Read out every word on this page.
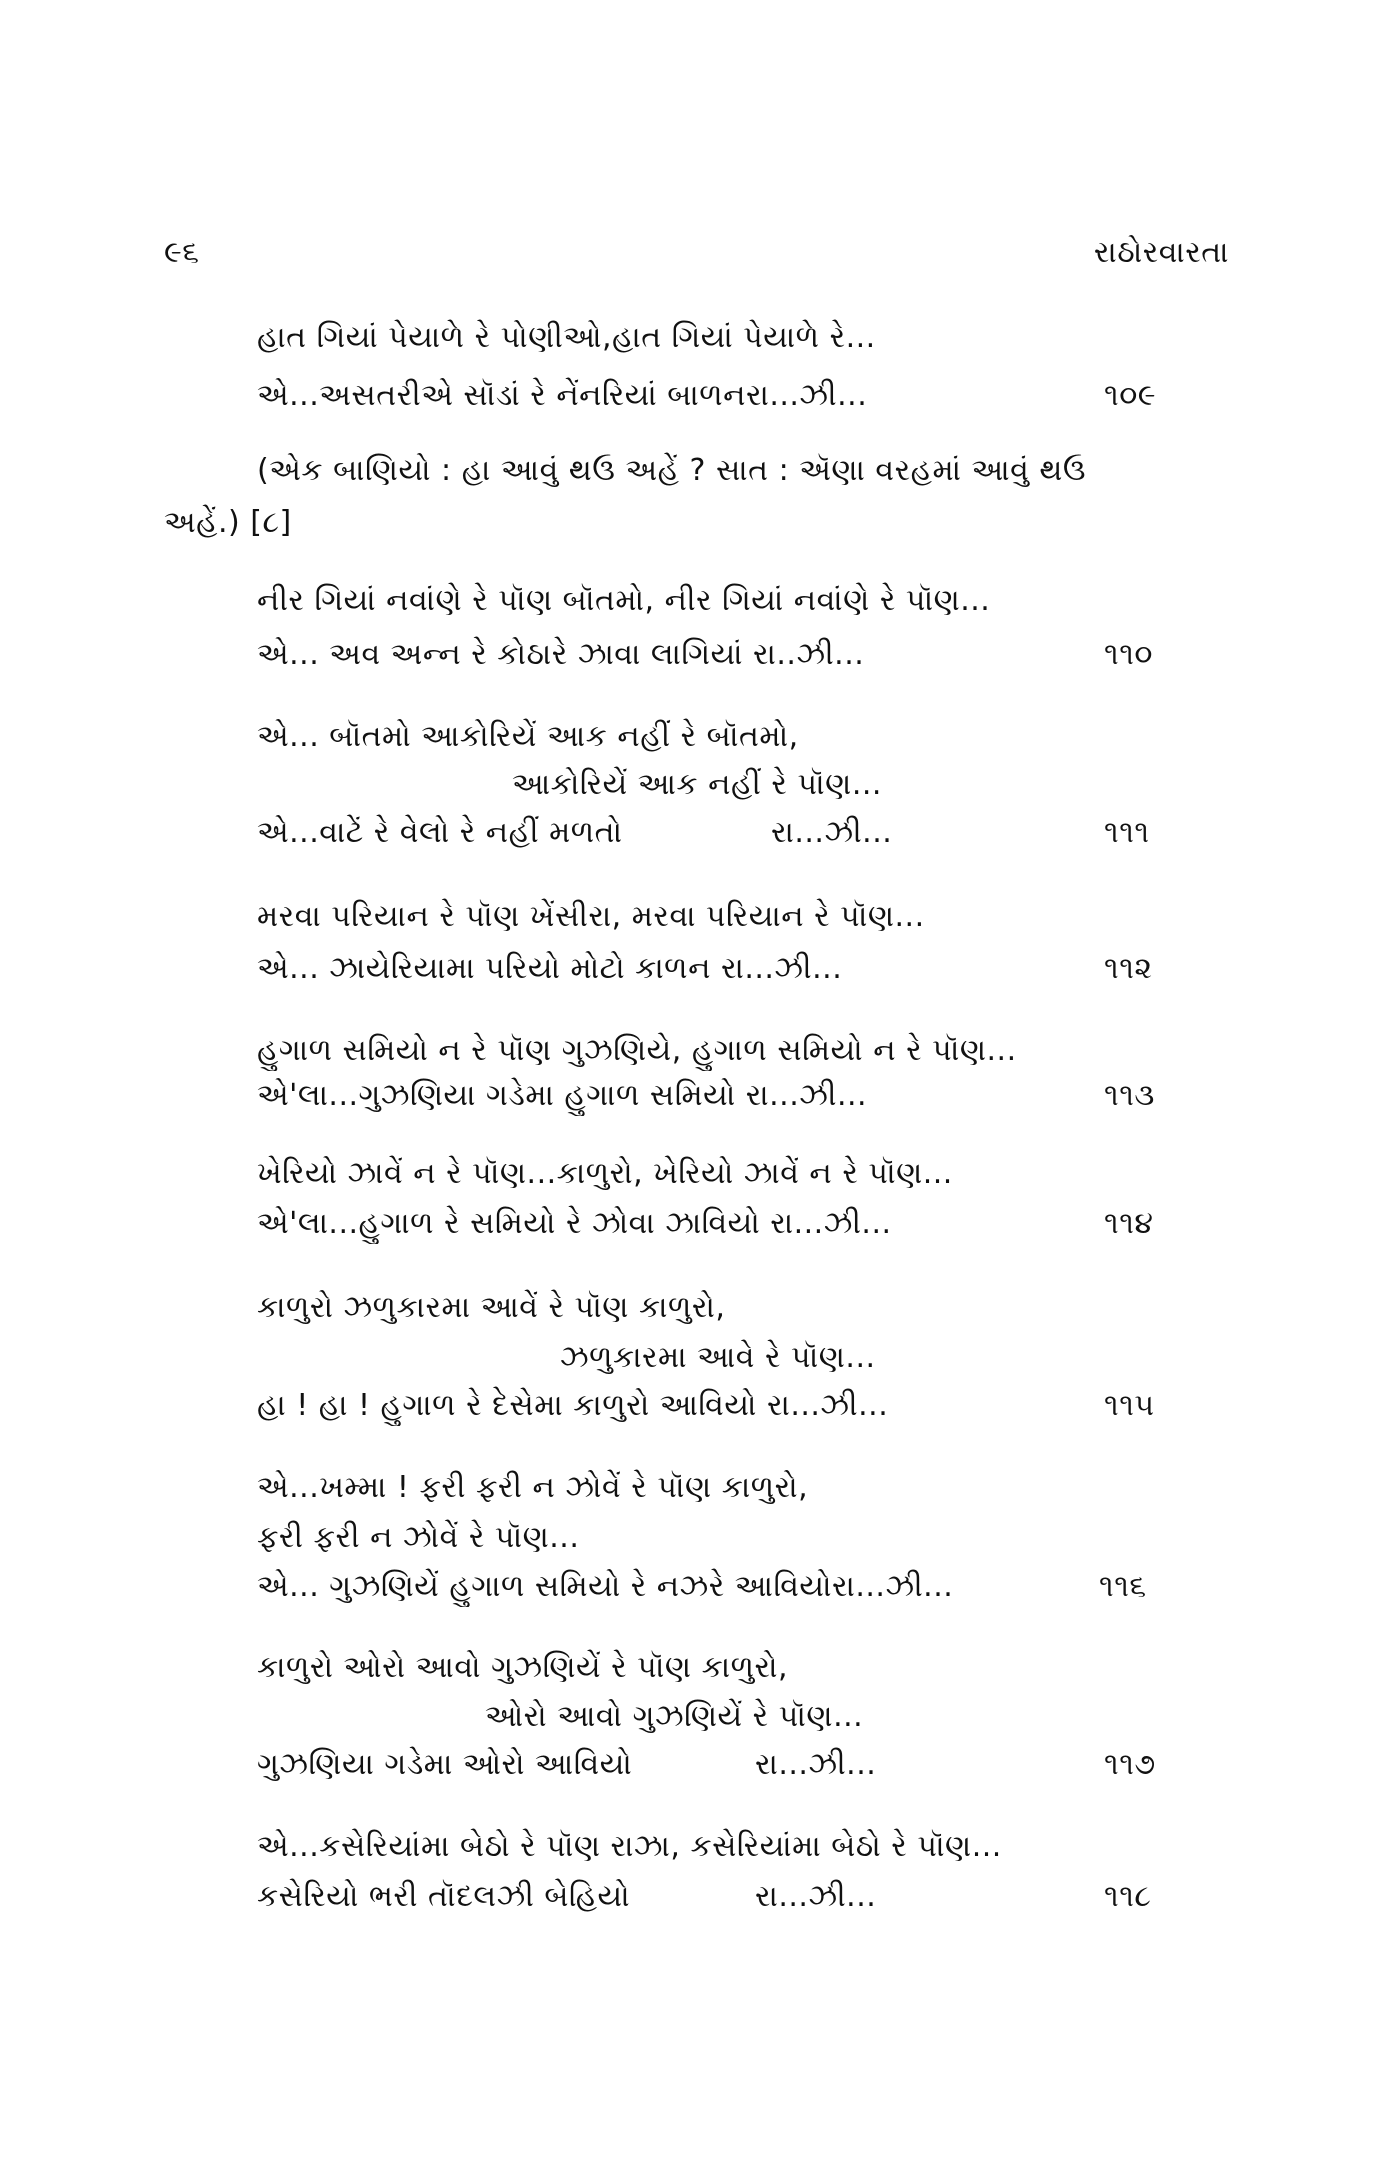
૯૬	રાઠોરવારતા
હાત ગિયાં પેયાળે રે પોણીઓ,હાત ગિયાં પેયાળે રે...
એ...અસતરીએ સૉડાં રે નેંનરિયાં બાળનરા...ઝી...	૧૦૯
(એક બાણિયો : હા આવું થઉં અહેં ? સાત : ઍણા વરહમાં આવું થઉં
અહેં.) [૮]
નીર ગિયાં નવાંણે રે પૉણ બૉતમો, નીર ગિયાં નવાંણે રે પૉણ...
એ... અવ અન્ન રે કોઠારે ઝાવા લાગિયાં રા..ઝી...	૧૧૦
એ... બૉતમો આકોરિયેં આક નહીં રે બૉતમો,
આકોરિયેં આક નહીં રે પૉણ...
એ...વાટેં રે વેલો રે નહીં મળતો	રા...ઝી...	૧૧૧
મરવા પરિયાન રે પૉણ ખેંસીરા, મરવા પરિયાન રે પૉણ...
એ... ઝાયેરિયામા પરિયો મોટો કાળન રા...ઝી...	૧૧૨
હુગાળ સમિયો ન રે પૉણ ગુઝણિયે, હુગાળ સમિયો ન રે પૉણ...
એ'લા...ગુઝણિયા ગડેમા હુગાળ સમિયો રા...ઝી...	૧૧૩
ખેરિયો ઝાવેં ન રે પૉણ...કાળુરો, ખેરિયો ઝાવેં ન રે પૉણ...
એ'લા...હુગાળ રે સમિયો રે ઝોવા ઝાવિયો રા...ઝી...	૧૧૪
કાળુરો ઝળુકારમા આવેં રે પૉણ કાળુરો,
ઝળુકારમા આવે રે પૉણ...
હા ! હા ! હુગાળ રે દેસેમા કાળુરો આવિયો રા...ઝી...	૧૧૫
એ...ખમ્મા ! ફરી ફરી ન ઝોવેં રે પૉણ કાળુરો,
ફરી ફરી ન ઝોવેં રે પૉણ...
એ... ગુઝણિયેં હુગાળ સમિયો રે નઝરે આવિયોરા...ઝી...	૧૧૬
કાળુરો ઓરો આવો ગુઝણિયેં રે પૉણ કાળુરો,
ઓરો આવો ગુઝણિયેં રે પૉણ...
ગુઝણિયા ગડેમા ઓરો આવિયો	રા...ઝી...	૧૧૭
એ...કસેરિયાંમા બેઠો રે પૉણ રાઝા, કસેરિયાંમા બેઠો રે પૉણ...
કસેરિયો ભરી તૉદલઝી બેહિયો	રા...ઝી...	૧૧૮
